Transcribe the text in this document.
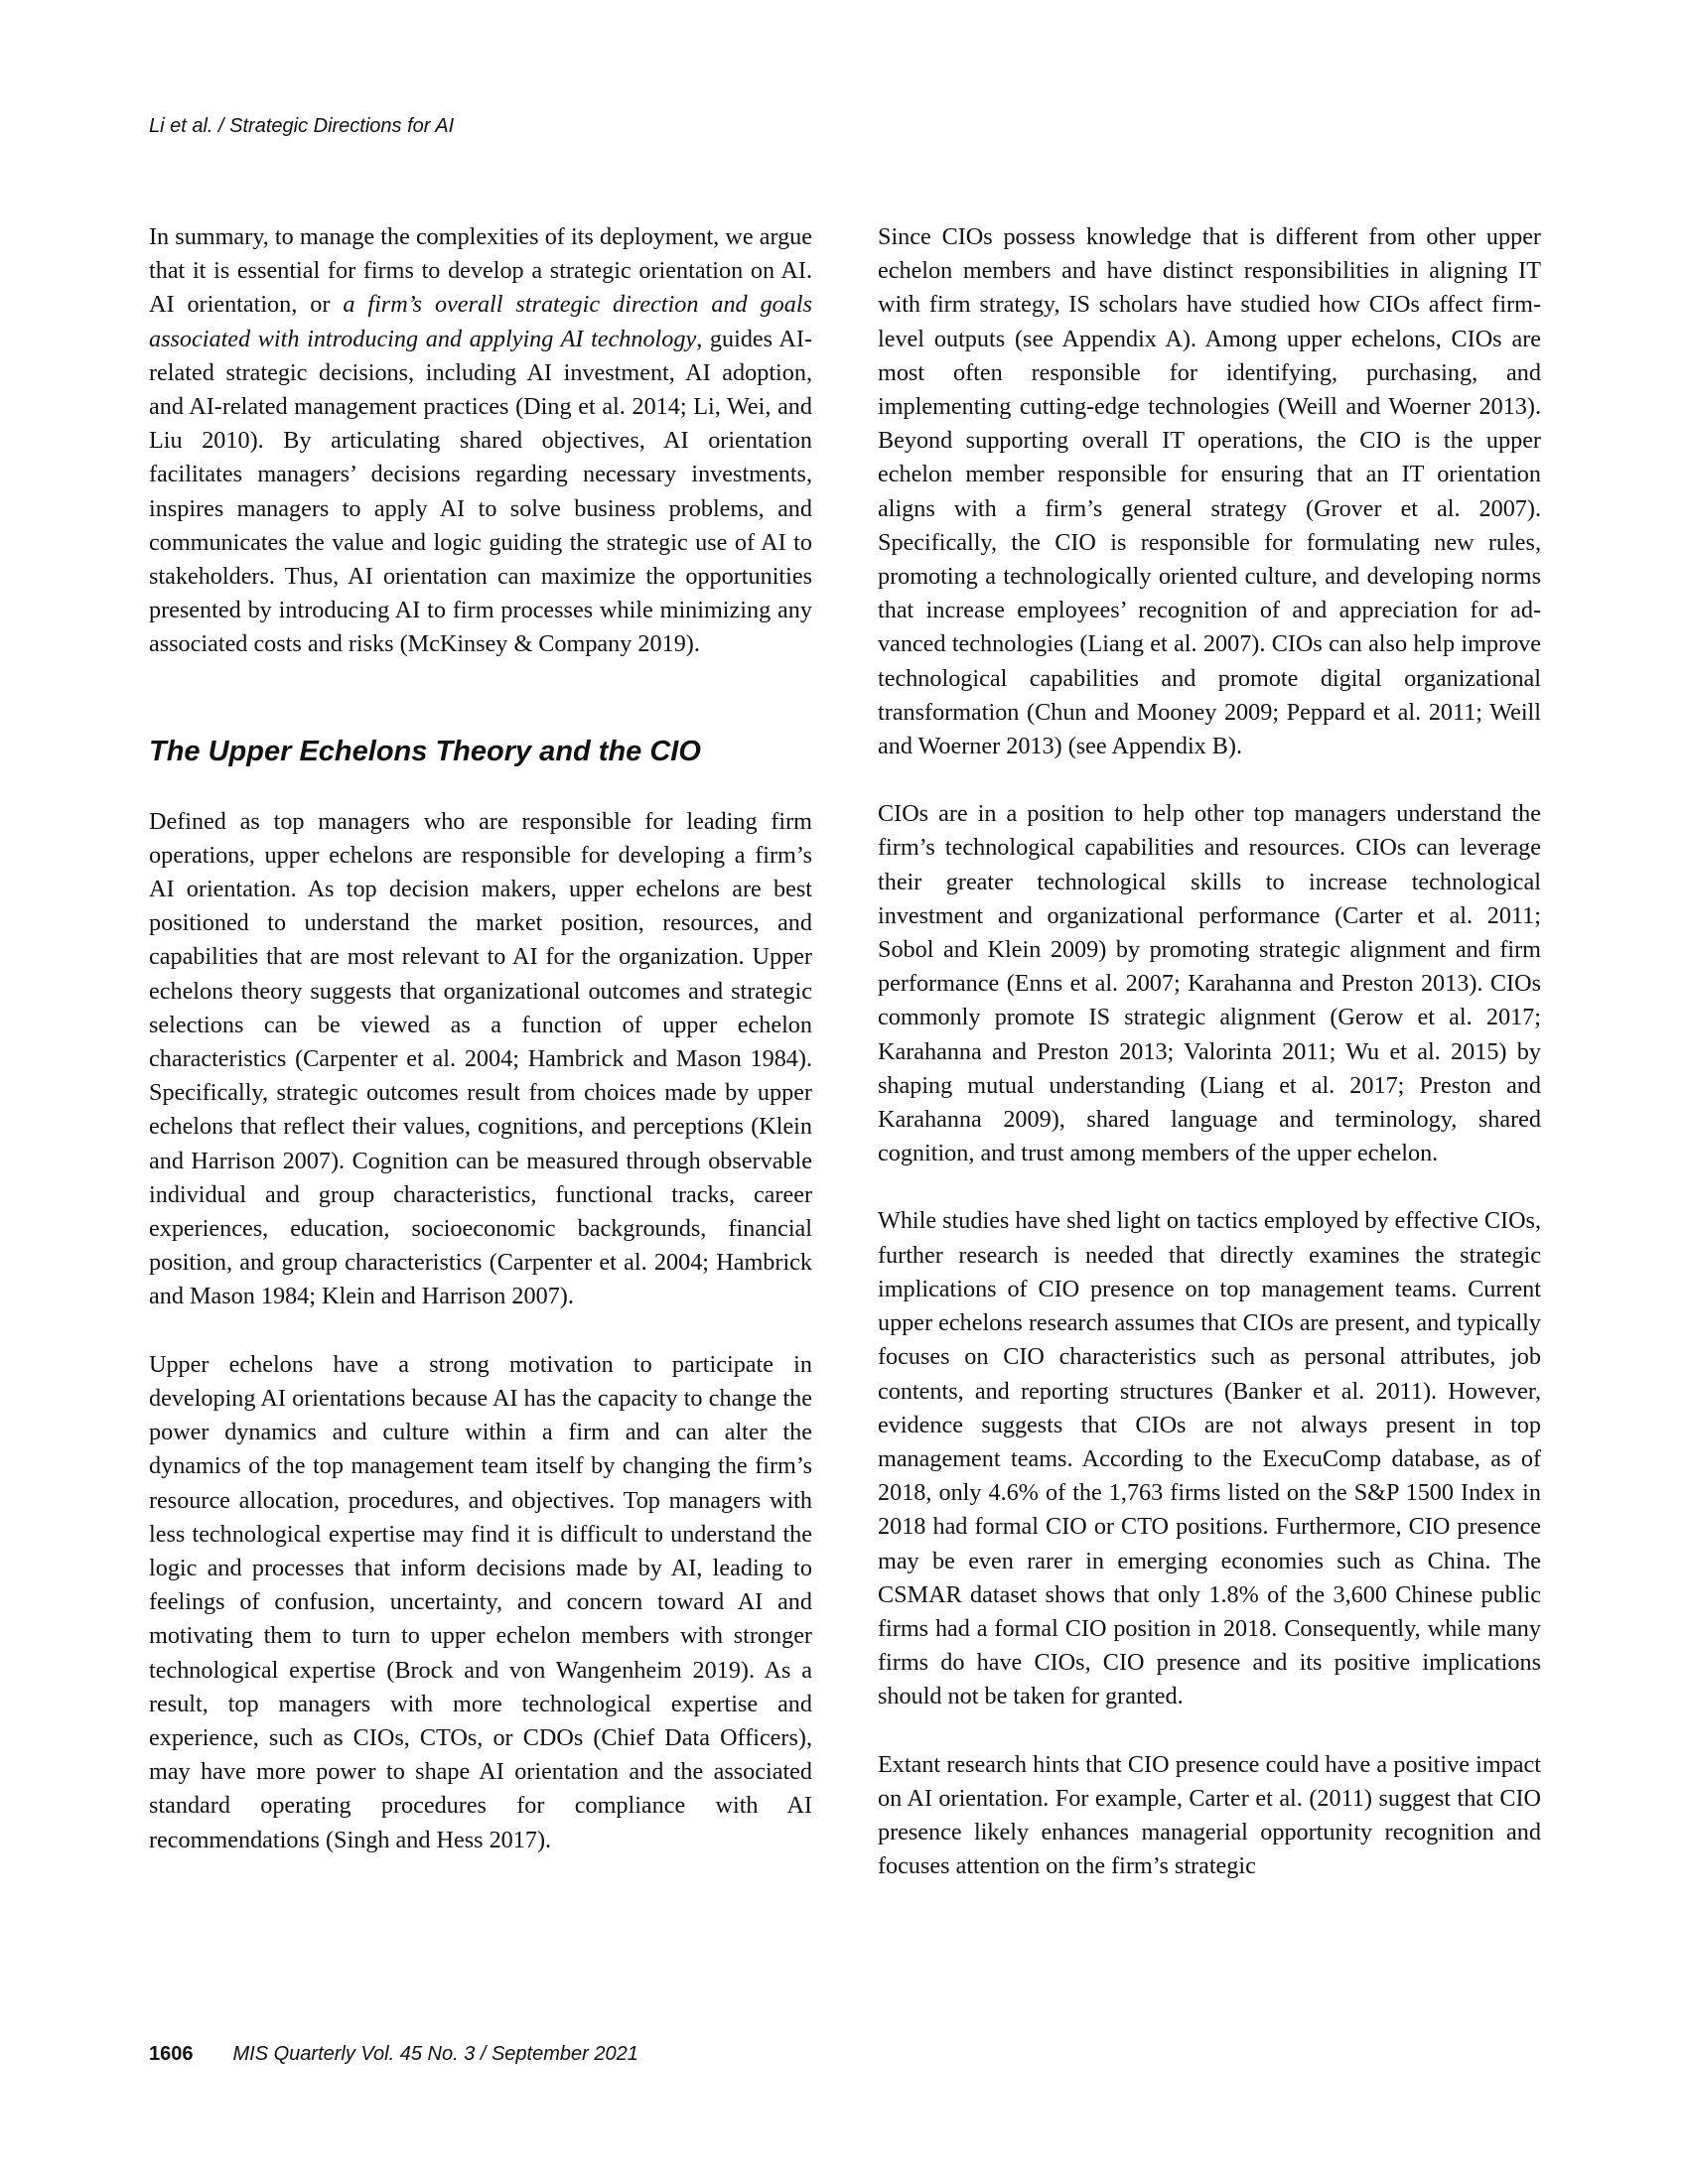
Li et al. / Strategic Directions for AI

In summary, to manage the complexities of its deployment, we argue that it is essential for firms to develop a strategic orientation on AI. AI orientation, or a firm’s overall strategic direction and goals associated with introducing and applying AI technology, guides AI-related strategic decisions, including AI investment, AI adoption, and AI-related management practices (Ding et al. 2014; Li, Wei, and Liu 2010). By articulating shared objectives, AI orientation facilitates managers’ decisions regarding necessary investments, inspires managers to apply AI to solve business problems, and communicates the value and logic guiding the strategic use of AI to stakeholders. Thus, AI orientation can maximize the opportunities presented by introducing AI to firm processes while minimizing any associated costs and risks (McKinsey & Company 2019).

The Upper Echelons Theory and the CIO

Defined as top managers who are responsible for leading firm operations, upper echelons are responsible for developing a firm’s AI orientation. As top decision makers, upper echelons are best positioned to understand the market position, resources, and capabilities that are most relevant to AI for the organization. Upper echelons theory suggests that organizational outcomes and strategic selections can be viewed as a function of upper echelon characteristics (Carpenter et al. 2004; Hambrick and Mason 1984). Specifically, strategic outcomes result from choices made by upper echelons that reflect their values, cognitions, and perceptions (Klein and Harrison 2007). Cognition can be measured through observable individual and group characteristics, functional tracks, career experiences, education, socioeconomic backgrounds, financial position, and group characteristics (Carpenter et al. 2004; Hambrick and Mason 1984; Klein and Harrison 2007).

Upper echelons have a strong motivation to participate in developing AI orientations because AI has the capacity to change the power dynamics and culture within a firm and can alter the dynamics of the top management team itself by changing the firm’s resource allocation, procedures, and objectives. Top managers with less technological expertise may find it is difficult to understand the logic and processes that inform decisions made by AI, leading to feelings of confusion, uncertainty, and concern toward AI and motivating them to turn to upper echelon members with stronger technological expertise (Brock and von Wangenheim 2019). As a result, top managers with more technological expertise and experience, such as CIOs, CTOs, or CDOs (Chief Data Officers), may have more power to shape AI orientation and the associated standard operating procedures for compliance with AI recommendations (Singh and Hess 2017).

Since CIOs possess knowledge that is different from other upper echelon members and have distinct responsibilities in aligning IT with firm strategy, IS scholars have studied how CIOs affect firm-level outputs (see Appendix A). Among upper echelons, CIOs are most often responsible for identifying, purchasing, and implementing cutting-edge technologies (Weill and Woerner 2013). Beyond supporting overall IT operations, the CIO is the upper echelon member responsible for ensuring that an IT orientation aligns with a firm’s general strategy (Grover et al. 2007). Specifically, the CIO is responsible for formulating new rules, promoting a technologically oriented culture, and developing norms that increase employees’ recognition of and appreciation for advanced technologies (Liang et al. 2007). CIOs can also help improve technological capabilities and promote digital organizational transformation (Chun and Mooney 2009; Peppard et al. 2011; Weill and Woerner 2013) (see Appendix B).

CIOs are in a position to help other top managers understand the firm’s technological capabilities and resources. CIOs can leverage their greater technological skills to increase technological investment and organizational performance (Carter et al. 2011; Sobol and Klein 2009) by promoting strategic alignment and firm performance (Enns et al. 2007; Karahanna and Preston 2013). CIOs commonly promote IS strategic alignment (Gerow et al. 2017; Karahanna and Preston 2013; Valorinta 2011; Wu et al. 2015) by shaping mutual understanding (Liang et al. 2017; Preston and Karahanna 2009), shared language and terminology, shared cognition, and trust among members of the upper echelon.

While studies have shed light on tactics employed by effective CIOs, further research is needed that directly examines the strategic implications of CIO presence on top management teams. Current upper echelons research assumes that CIOs are present, and typically focuses on CIO characteristics such as personal attributes, job contents, and reporting structures (Banker et al. 2011). However, evidence suggests that CIOs are not always present in top management teams. According to the ExecuComp database, as of 2018, only 4.6% of the 1,763 firms listed on the S&P 1500 Index in 2018 had formal CIO or CTO positions. Furthermore, CIO presence may be even rarer in emerging economies such as China. The CSMAR dataset shows that only 1.8% of the 3,600 Chinese public firms had a formal CIO position in 2018. Consequently, while many firms do have CIOs, CIO presence and its positive implications should not be taken for granted.

Extant research hints that CIO presence could have a positive impact on AI orientation. For example, Carter et al. (2011) suggest that CIO presence likely enhances managerial opportunity recognition and focuses attention on the firm’s strategic

1606 MIS Quarterly Vol. 45 No. 3 / September 2021
